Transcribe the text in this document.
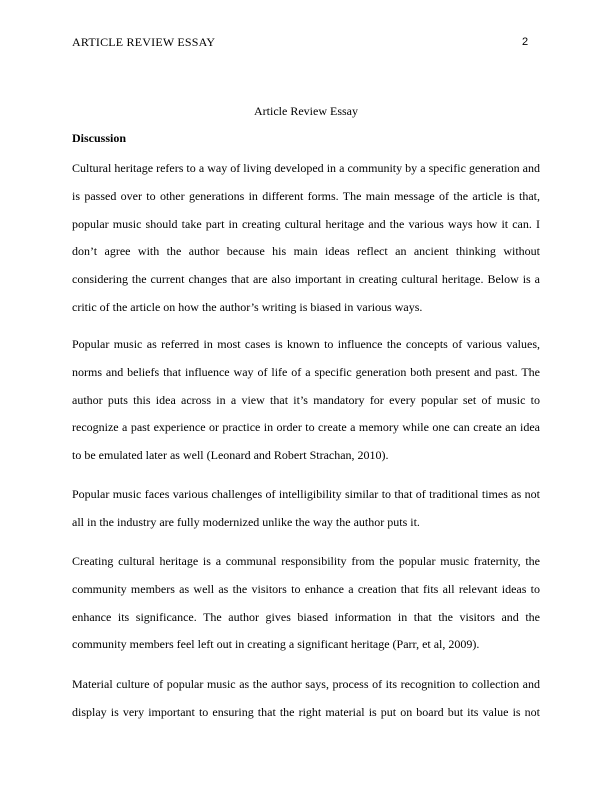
ARTICLE REVIEW ESSAY	2
Article Review Essay
Discussion

Cultural heritage refers to a way of living developed in a community by a specific generation and is passed over to other generations in different forms. The main message of the article is that, popular music should take part in creating cultural heritage and the various ways how it can. I don’t agree with the author because his main ideas reflect an ancient thinking without considering the current changes that are also important in creating cultural heritage. Below is a critic of the article on how the author’s writing is biased in various ways.

Popular music as referred in most cases is known to influence the concepts of various values, norms and beliefs that influence way of life of a specific generation both present and past. The author puts this idea across in a view that it’s mandatory for every popular set of music to recognize a past experience or practice in order to create a memory while one can create an idea to be emulated later as well (Leonard and Robert Strachan, 2010).

Popular music faces various challenges of intelligibility similar to that of traditional times as not all in the industry are fully modernized unlike the way the author puts it.

Creating cultural heritage is a communal responsibility from the popular music fraternity, the community members as well as the visitors to enhance a creation that fits all relevant ideas to enhance its significance. The author gives biased information in that the visitors and the community members feel left out in creating a significant heritage (Parr, et al, 2009).

Material culture of popular music as the author says, process of its recognition to collection and display is very important to ensuring that the right material is put on board but its value is not
